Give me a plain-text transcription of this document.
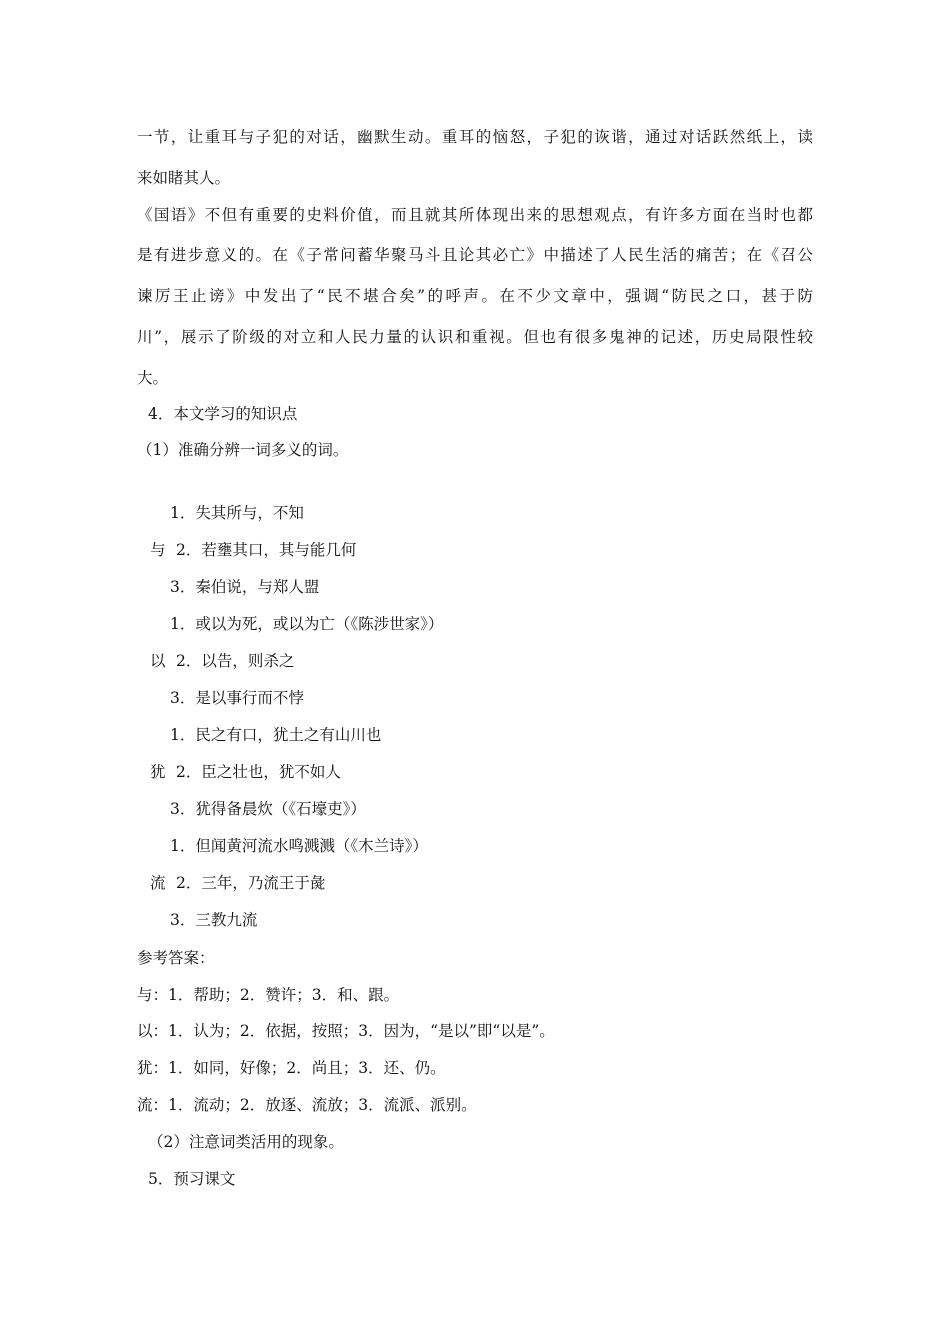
一节，让重耳与子犯的对话，幽默生动。重耳的恼怒，子犯的诙谐，通过对话跃然纸上，读
来如睹其人。
《国语》不但有重要的史料价值，而且就其所体现出来的思想观点，有许多方面在当时也都
是有进步意义的。在《子常问蓄华聚马斗且论其必亡》中描述了人民生活的痛苦；在《召公
谏厉王止谤》中发出了“民不堪合矣”的呼声。在不少文章中，强调“防民之口，甚于防
川”，展示了阶级的对立和人民力量的认识和重视。但也有很多鬼神的记述，历史局限性较
大。
4．本文学习的知识点
（1）准确分辨一词多义的词。
1．失其所与，不知
与 2．若壅其口，其与能几何
3．秦伯说，与郑人盟
1．或以为死，或以为亡（《陈涉世家》）
以 2．以告，则杀之
3．是以事行而不悖
1．民之有口，犹土之有山川也
犹 2．臣之壮也，犹不如人
3．犹得备晨炊（《石壕吏》）
1．但闻黄河流水鸣溅溅（《木兰诗》）
流 2．三年，乃流王于彘
3．三教九流
参考答案：
与：1．帮助；2．赞许；3．和、跟。
以：1．认为；2．依据，按照；3．因为，“是以”即“以是”。
犹：1．如同，好像；2．尚且；3．还、仍。
流：1．流动；2．放逐、流放；3．流派、派别。
（2）注意词类活用的现象。
5．预习课文
